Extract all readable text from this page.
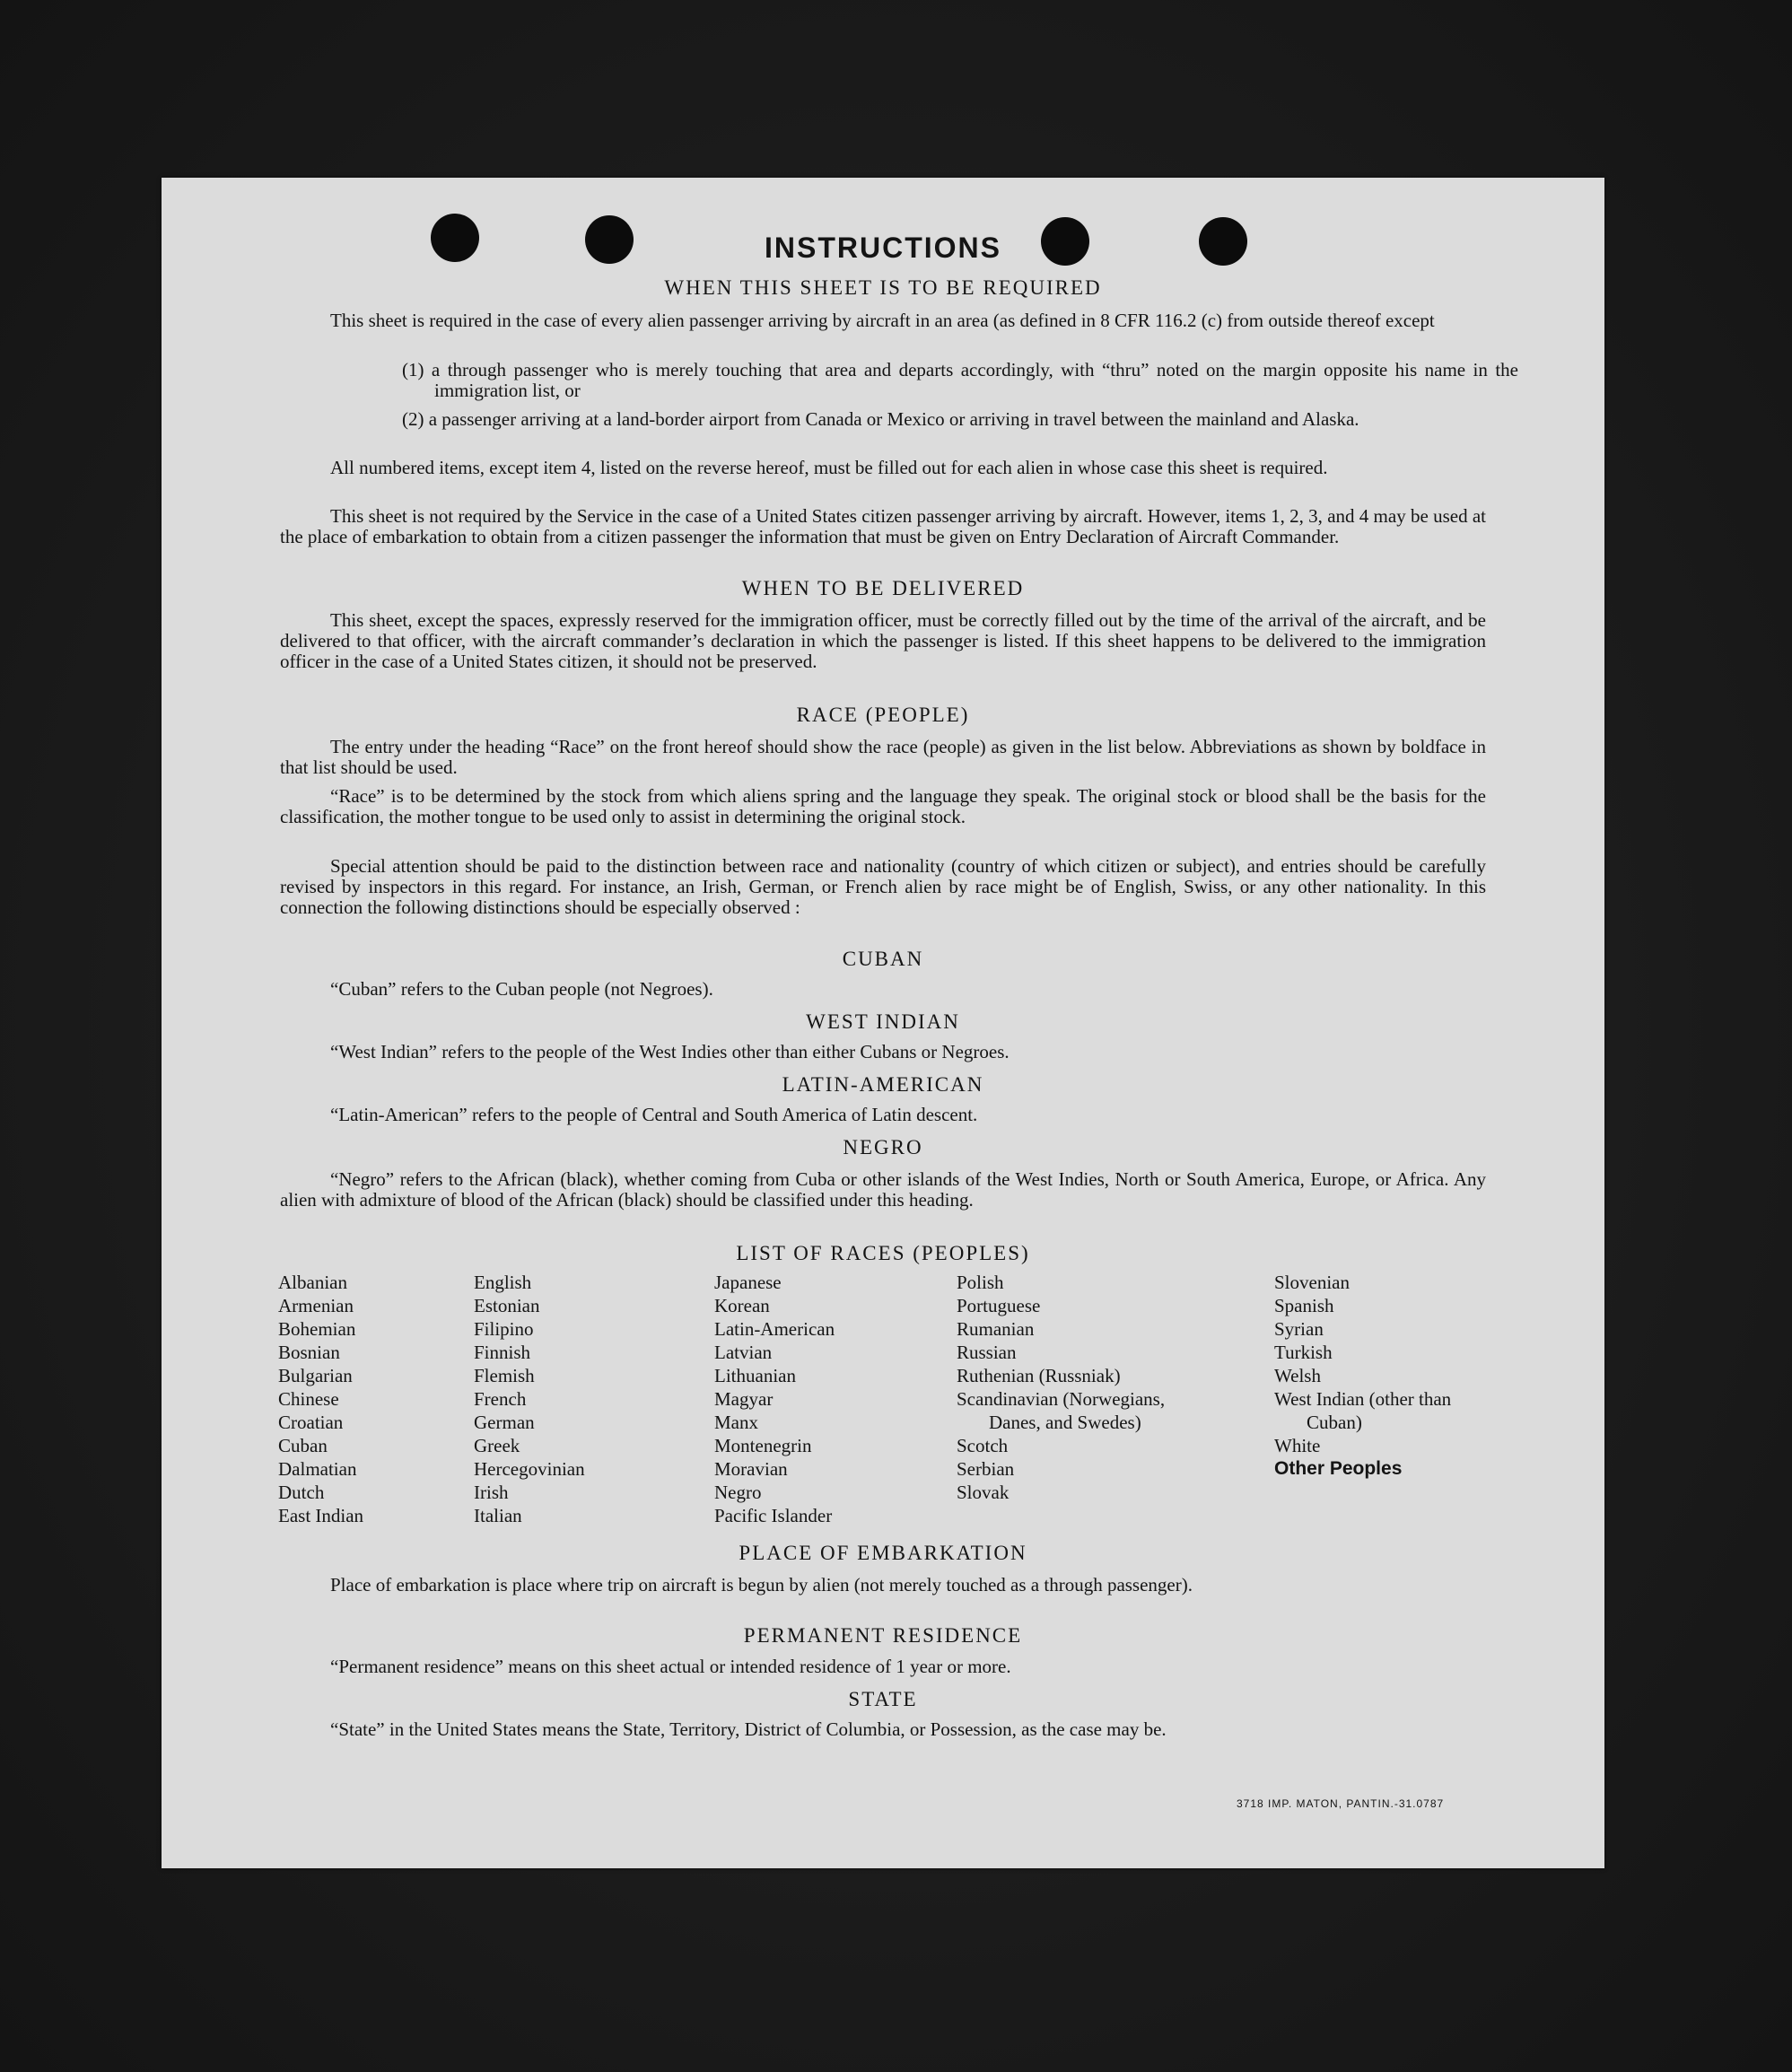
INSTRUCTIONS
WHEN THIS SHEET IS TO BE REQUIRED
This sheet is required in the case of every alien passenger arriving by aircraft in an area (as defined in 8 CFR 116.2 (c) from outside thereof except
(1) a through passenger who is merely touching that area and departs accordingly, with “thru” noted on the margin opposite his name in the immigration list, or
(2) a passenger arriving at a land-border airport from Canada or Mexico or arriving in travel between the mainland and Alaska.
All numbered items, except item 4, listed on the reverse hereof, must be filled out for each alien in whose case this sheet is required.
This sheet is not required by the Service in the case of a United States citizen passenger arriving by aircraft. However, items 1, 2, 3, and 4 may be used at the place of embarkation to obtain from a citizen passenger the information that must be given on Entry Declaration of Aircraft Commander.
WHEN TO BE DELIVERED
This sheet, except the spaces, expressly reserved for the immigration officer, must be correctly filled out by the time of the arrival of the aircraft, and be delivered to that officer, with the aircraft commander’s declaration in which the passenger is listed. If this sheet happens to be delivered to the immigration officer in the case of a United States citizen, it should not be preserved.
RACE (PEOPLE)
The entry under the heading “Race” on the front hereof should show the race (people) as given in the list below. Abbreviations as shown by boldface in that list should be used.
“Race” is to be determined by the stock from which aliens spring and the language they speak. The original stock or blood shall be the basis for the classification, the mother tongue to be used only to assist in determining the original stock.
Special attention should be paid to the distinction between race and nationality (country of which citizen or subject), and entries should be carefully revised by inspectors in this regard. For instance, an Irish, German, or French alien by race might be of English, Swiss, or any other nationality. In this connection the following distinctions should be especially observed :
CUBAN
“Cuban” refers to the Cuban people (not Negroes).
WEST INDIAN
“West Indian” refers to the people of the West Indies other than either Cubans or Negroes.
LATIN-AMERICAN
“Latin-American” refers to the people of Central and South America of Latin descent.
NEGRO
“Negro” refers to the African (black), whether coming from Cuba or other islands of the West Indies, North or South America, Europe, or Africa. Any alien with admixture of blood of the African (black) should be classified under this heading.
LIST OF RACES (PEOPLES)
Albanian
Armenian
Bohemian
Bosnian
Bulgarian
Chinese
Croatian
Cuban
Dalmatian
Dutch
East Indian
English
Estonian
Filipino
Finnish
Flemish
French
German
Greek
Hercegovinian
Irish
Italian
Japanese
Korean
Latin-American
Latvian
Lithuanian
Magyar
Manx
Montenegrin
Moravian
Negro
Pacific Islander
Polish
Portuguese
Rumanian
Russian
Ruthenian (Russniak)
Scandinavian (Norwegians, Danes, and Swedes)
Scotch
Serbian
Slovak
Slovenian
Spanish
Syrian
Turkish
Welsh
West Indian (other than Cuban)
White
Other Peoples
PLACE OF EMBARKATION
Place of embarkation is place where trip on aircraft is begun by alien (not merely touched as a through passenger).
PERMANENT RESIDENCE
“Permanent residence” means on this sheet actual or intended residence of 1 year or more.
STATE
“State” in the United States means the State, Territory, District of Columbia, or Possession, as the case may be.
3718 IMP. MATON, PANTIN.-31.0787
